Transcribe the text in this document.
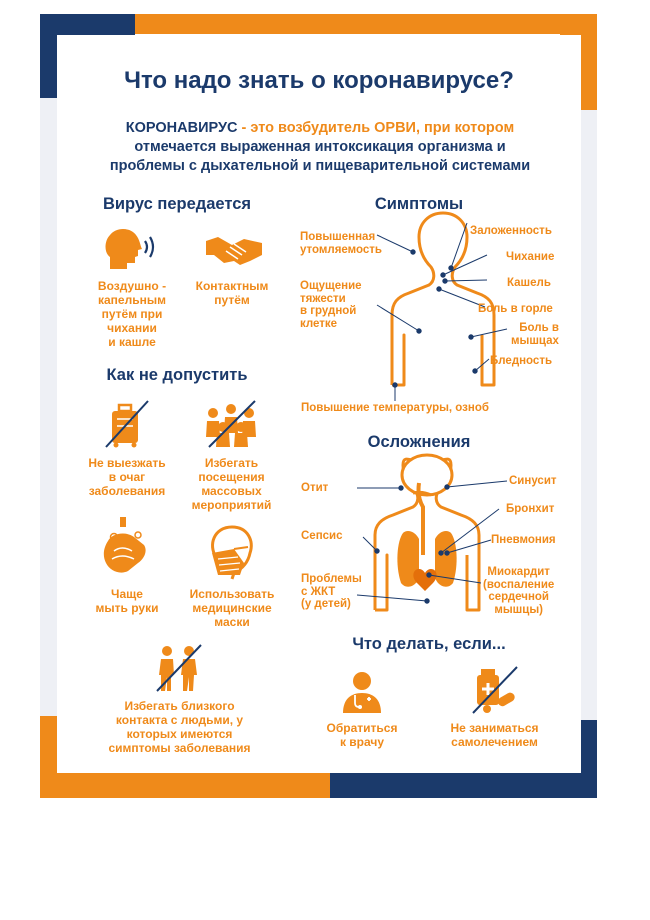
Что надо знать о коронавирусе?
КОРОНАВИРУС - это возбудитель ОРВИ, при котором
отмечается выраженная интоксикация организма и
проблемы с дыхательной и пищеварительной системами
Вирус передается
Воздушно -
капельным
путём при
чихании
и кашле
Контактным
путём
Как не допустить
Не выезжать
в очаг
заболевания
Избегать
посещения
массовых
мероприятий
Чаще
мыть руки
Использовать
медицинские
маски
Избегать близкого
контакта с людьми, у
которых имеются
симптомы заболевания
Симптомы
Повышенная
утомляемость
Заложенность
Чихание
Кашель
Боль в горле
Ощущение
тяжести
в грудной
клетке	Боль в
мышцах
Бледность
Повышение температуры, озноб
Осложнения
Отит
Синусит
Бронхит
Сепсис	Пневмония
Проблемы
с ЖКТ
(у детей)
Миокардит
(воспаление
сердечной
мышцы)
Что делать, если...
Обратиться
к врачу
Не заниматься
самолечением
